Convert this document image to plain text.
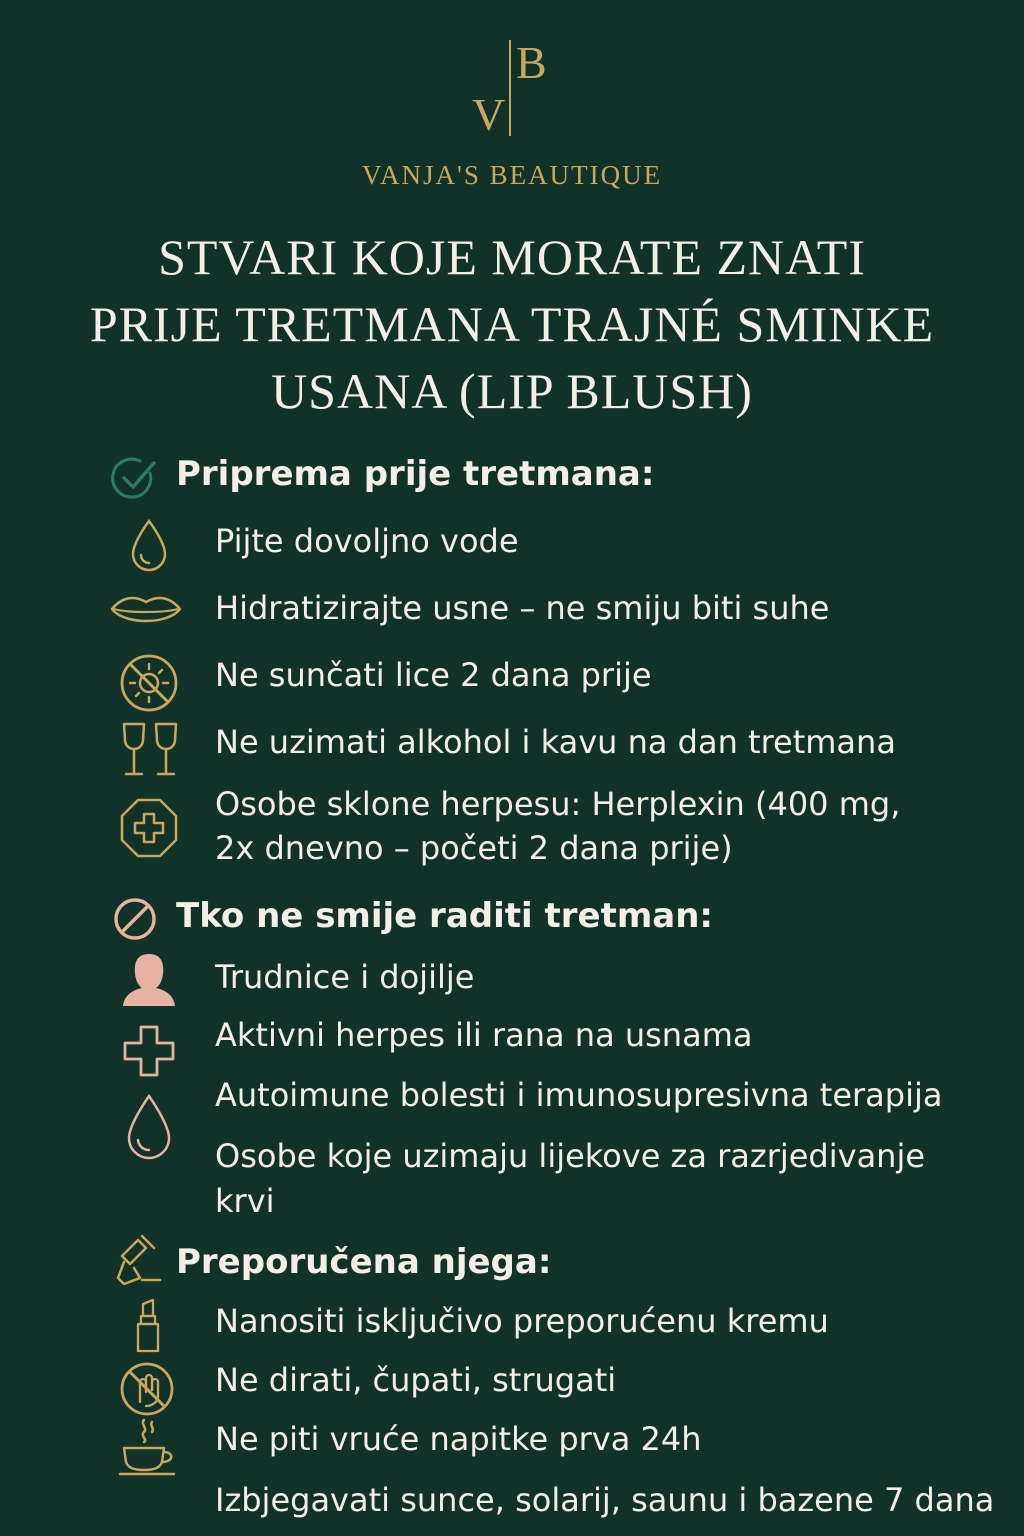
V
B
VANJA'S BEAUTIQUE
STVARI KOJE MORATE ZNATI
PRIJE TRETMANA TRAJNÉ SMINKE
USANA (LIP BLUSH)
Priprema prije tretmana:
Pijte dovoljno vode
Hidratizirajte usne – ne smiju biti suhe
Ne sunčati lice 2 dana prije
Ne uzimati alkohol i kavu na dan tretmana
Osobe sklone herpesu: Herplexin (400 mg,
2x dnevno – početi 2 dana prije)
Tko ne smije raditi tretman:
Trudnice i dojilje
Aktivni herpes ili rana na usnama
Autoimune bolesti i imunosupresivna terapija
Osobe koje uzimaju lijekove za razrjedivanje
krvi
Preporučena njega:
Nanositi isključivo preporućenu kremu
Ne dirati, čupati, strugati
Ne piti vruće napitke prva 24h
Izbjegavati sunce, solarij, saunu i bazene 7 dana
